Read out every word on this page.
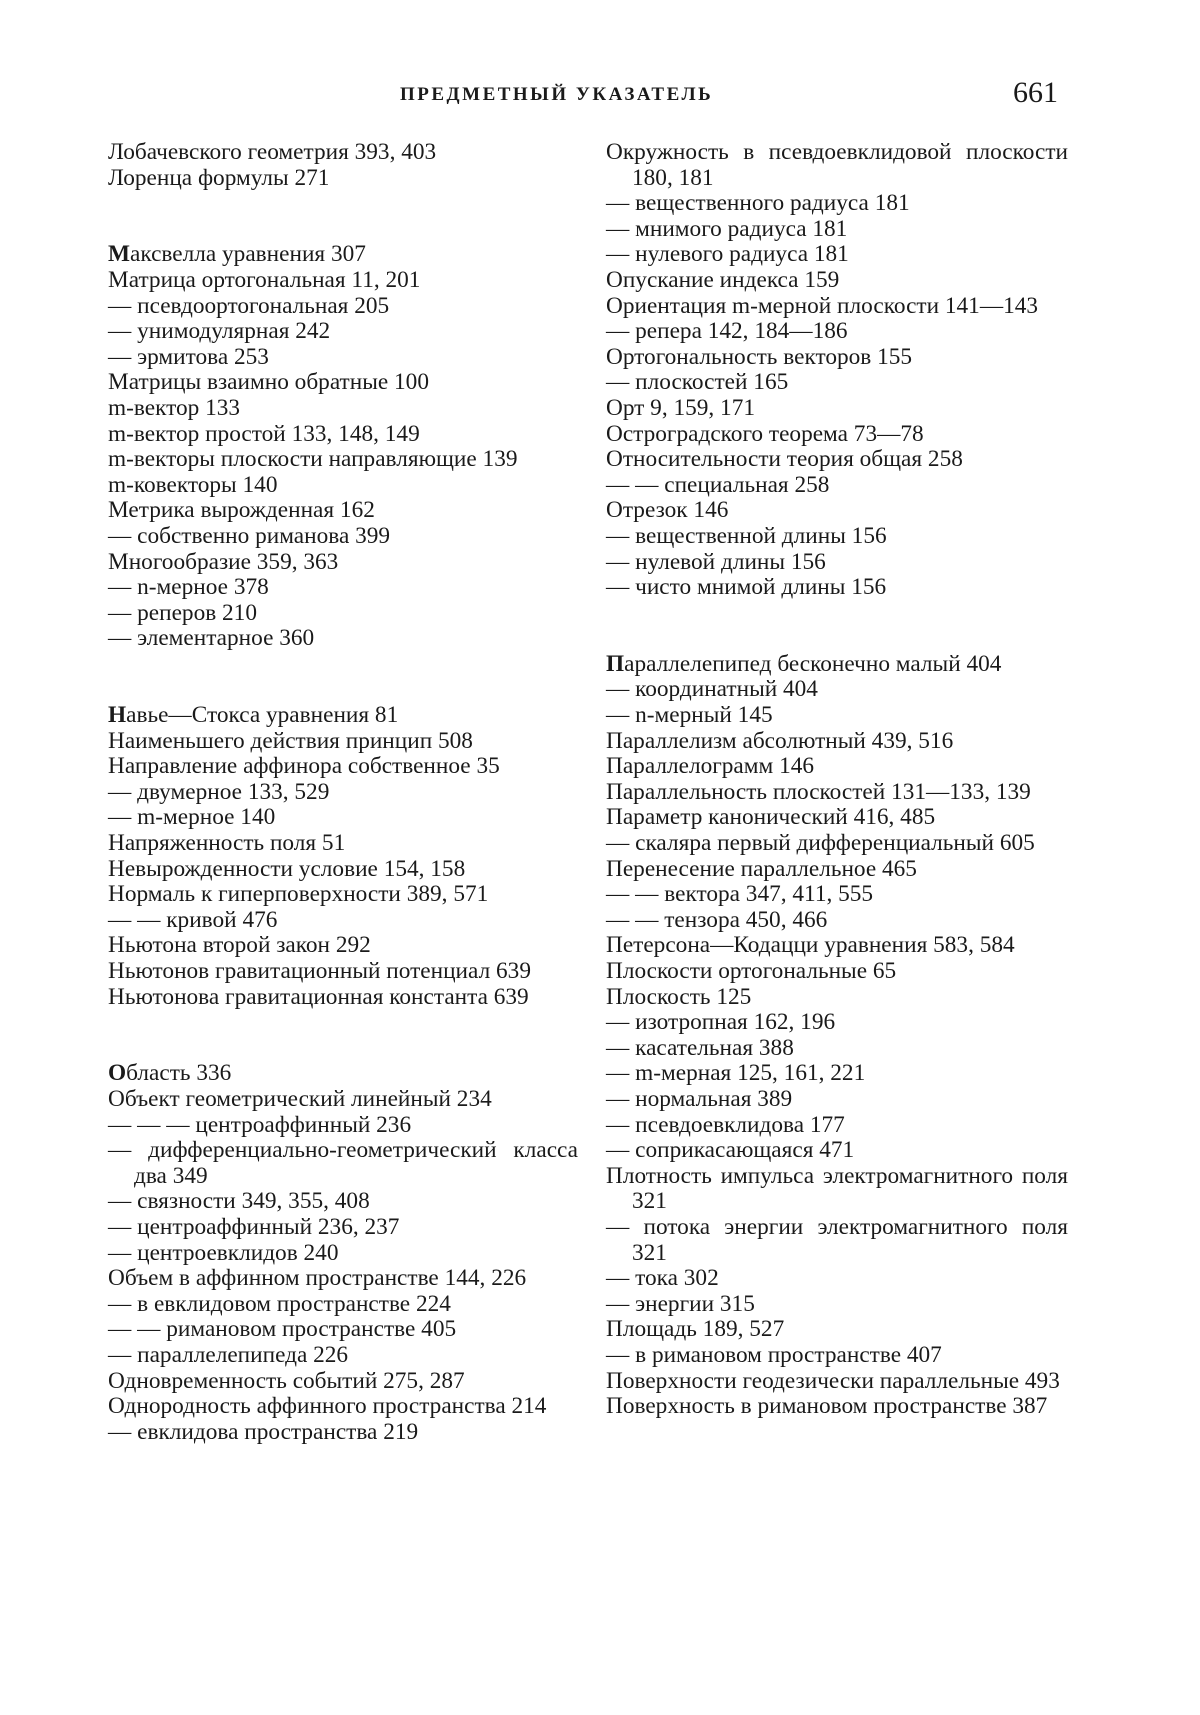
ПРЕДМЕТНЫЙ УКАЗАТЕЛЬ	661
Лобачевского геометрия 393, 403
Лоренца формулы 271
Максвелла уравнения 307
Матрица ортогональная 11, 201
— псевдоортогональная 205
— унимодулярная 242
— эрмитова 253
Матрицы взаимно обратные 100
m-вектор 133
m-вектор простой 133, 148, 149
m-векторы плоскости направляющие 139
m-ковекторы 140
Метрика вырожденная 162
— собственно риманова 399
Многообразие 359, 363
— n-мерное 378
— реперов 210
— элементарное 360
Навье—Стокса уравнения 81
Наименьшего действия принцип 508
Направление аффинора собственное 35
— двумерное 133, 529
— m-мерное 140
Напряженность поля 51
Невырожденности условие 154, 158
Нормаль к гиперповерхности 389, 571
— — кривой 476
Ньютона второй закон 292
Ньютонов гравитационный потенциал 639
Ньютонова гравитационная константа 639
Область 336
Объект геометрический линейный 234
— — — центроаффинный 236
— дифференциально-геометрический класса два 349
— связности 349, 355, 408
— центроаффинный 236, 237
— центроевклидов 240
Объем в аффинном пространстве 144, 226
— в евклидовом пространстве 224
— — римановом пространстве 405
— параллелепипеда 226
Одновременность событий 275, 287
Однородность аффинного пространства 214
— евклидова пространства 219
Окружность в псевдоевклидовой плоскости 180, 181
— вещественного радиуса 181
— мнимого радиуса 181
— нулевого радиуса 181
Опускание индекса 159
Ориентация m-мерной плоскости 141—143
— репера 142, 184—186
Ортогональность векторов 155
— плоскостей 165
Орт 9, 159, 171
Остроградского теорема 73—78
Относительности теория общая 258
— — специальная 258
Отрезок 146
— вещественной длины 156
— нулевой длины 156
— чисто мнимой длины 156
Параллелепипед бесконечно малый 404
— координатный 404
— n-мерный 145
Параллелизм абсолютный 439, 516
Параллелограмм 146
Параллельность плоскостей 131—133, 139
Параметр канонический 416, 485
— скаляра первый дифференциальный 605
Перенесение параллельное 465
— — вектора 347, 411, 555
— — тензора 450, 466
Петерсона—Кодацци уравнения 583, 584
Плоскости ортогональные 65
Плоскость 125
— изотропная 162, 196
— касательная 388
— m-мерная 125, 161, 221
— нормальная 389
— псевдоевклидова 177
— соприкасающаяся 471
Плотность импульса электромагнитного поля 321
— потока энергии электромагнитного поля 321
— тока 302
— энергии 315
Площадь 189, 527
— в римановом пространстве 407
Поверхности геодезически параллельные 493
Поверхность в римановом пространстве 387
